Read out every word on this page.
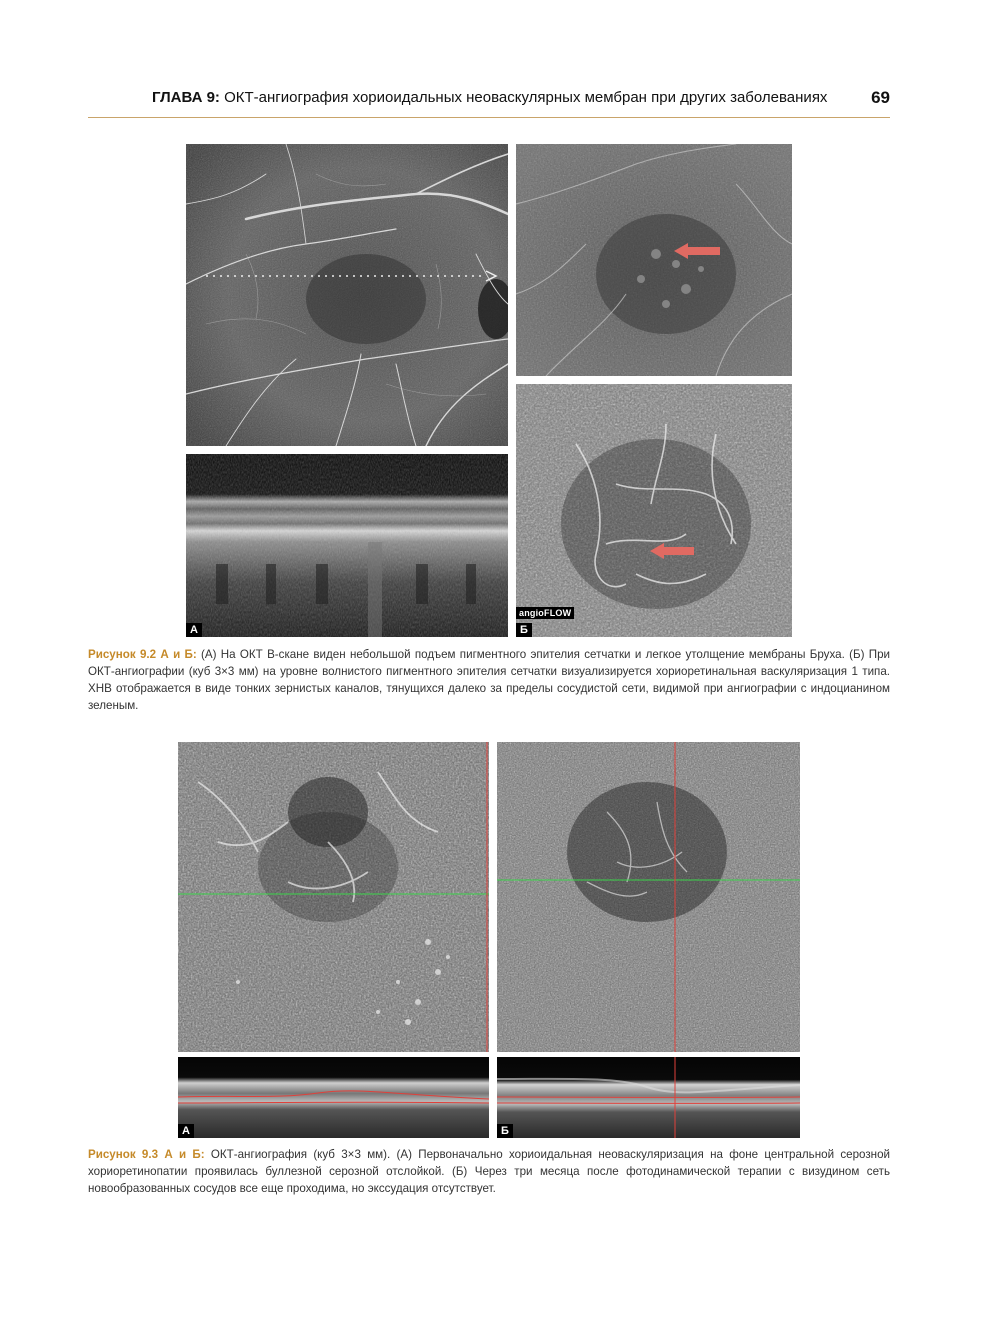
ГЛАВА 9: ОКТ-ангиография хориоидальных неоваскулярных мембран при других заболеваниях	69
А
angioFLOW
Б
Рисунок 9.2 А и Б: (А) На ОКТ B-скане виден небольшой подъем пигментного эпителия сетчатки и легкое утолщение мембраны Бруха. (Б) При ОКТ-ангиографии (куб 3×3 мм) на уровне волнистого пигментного эпителия сетчатки визуализируется хориоретинальная васкуляризация 1 типа. ХНВ отображается в виде тонких зернистых каналов, тянущихся далеко за пределы сосудистой сети, видимой при ангиографии с индоцианином зеленым.
А	Б
Рисунок 9.3 А и Б: ОКТ-ангиография (куб 3×3 мм). (А) Первоначально хориоидальная неоваскуляризация на фоне центральной серозной хориоретинопатии проявилась буллезной серозной отслойкой. (Б) Через три месяца после фотодинамической терапии с визудином сеть новообразованных сосудов все еще проходима, но экссудация отсутствует.
